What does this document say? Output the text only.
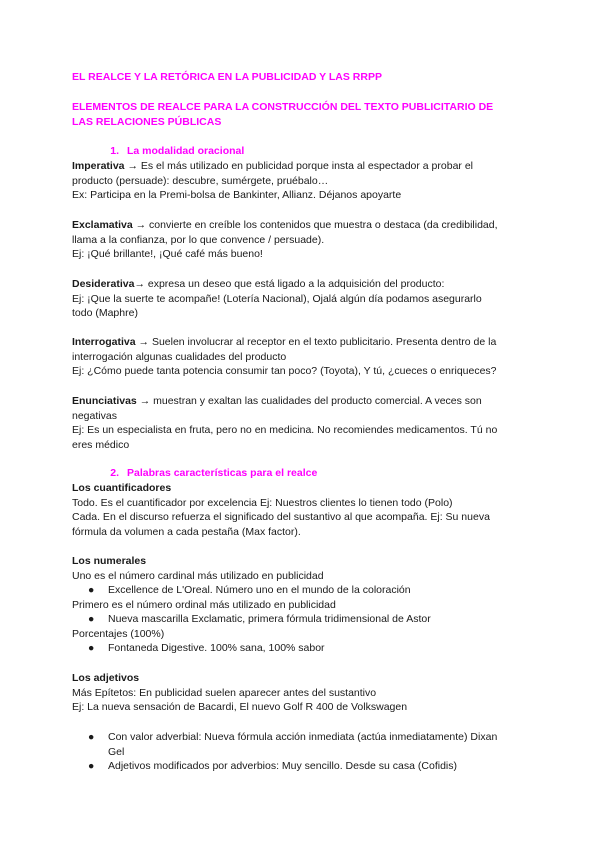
EL REALCE Y LA RETÓRICA EN LA PUBLICIDAD Y LAS RRPP

ELEMENTOS DE REALCE PARA LA CONSTRUCCIÓN DEL TEXTO PUBLICITARIO DE

LAS RELACIONES PÚBLICAS

1. La modalidad oracional

Imperativa → Es el más utilizado en publicidad porque insta al espectador a probar el

producto (persuade): descubre, sumérgete, pruébalo…

Ex: Participa en la Premi-bolsa de Bankinter, Allianz. Déjanos apoyarte

Exclamativa → convierte en creíble los contenidos que muestra o destaca (da credibilidad,

llama a la confianza, por lo que convence / persuade).

Ej: ¡Qué brillante!, ¡Qué café más bueno!

Desiderativa→ expresa un deseo que está ligado a la adquisición del producto:

Ej: ¡Que la suerte te acompañe! (Lotería Nacional), Ojalá algún día podamos asegurarlo

todo (Maphre)

Interrogativa → Suelen involucrar al receptor en el texto publicitario. Presenta dentro de la

interrogación algunas cualidades del producto

Ej: ¿Cómo puede tanta potencia consumir tan poco? (Toyota), Y tú, ¿cueces o enriqueces?

Enunciativas → muestran y exaltan las cualidades del producto comercial. A veces son

negativas

Ej: Es un especialista en fruta, pero no en medicina. No recomiendes medicamentos. Tú no

eres médico

2. Palabras características para el realce

Los cuantificadores

Todo. Es el cuantificador por excelencia Ej: Nuestros clientes lo tienen todo (Polo)

Cada. En el discurso refuerza el significado del sustantivo al que acompaña. Ej: Su nueva

fórmula da volumen a cada pestaña (Max factor).

Los numerales

Uno es el número cardinal más utilizado en publicidad

● Excellence de L'Oreal. Número uno en el mundo de la coloración

Primero es el número ordinal más utilizado en publicidad

● Nueva mascarilla Exclamatic, primera fórmula tridimensional de Astor

Porcentajes (100%)

● Fontaneda Digestive. 100% sana, 100% sabor

Los adjetivos

Más Epítetos: En publicidad suelen aparecer antes del sustantivo

Ej: La nueva sensación de Bacardi, El nuevo Golf R 400 de Volkswagen

● Con valor adverbial: Nueva fórmula acción inmediata (actúa inmediatamente) Dixan

Gel

● Adjetivos modificados por adverbios: Muy sencillo. Desde su casa (Cofidis)
